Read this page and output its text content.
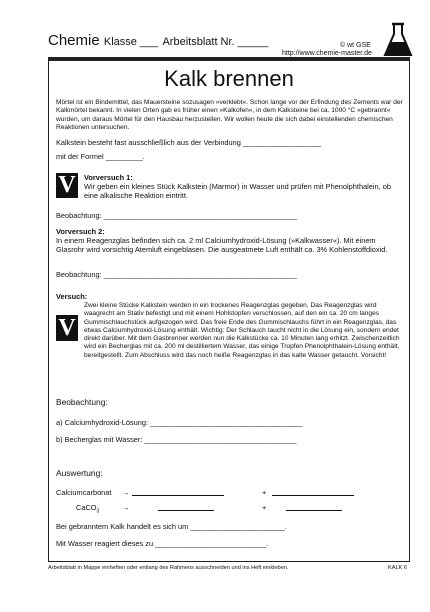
Chemie Klasse ___ Arbeitsblatt Nr. _____	© wt GSE
http://www.chemie-master.de
Kalk brennen
Mörtel ist ein Bindemittel, das Mauersteine sozusagen »verklebt«. Schon lange vor der Erfindung des Zements war der Kalkmörtel bekannt. In vielen Orten gab es früher einen »Kalkofen«, in dem Kalksteine bei ca. 1000 °C »gebrannt« wurden, um daraus Mörtel für den Hausbau herzustellen. Wir wollen heute die sich dabei einstellenden chemischen Reaktionen untersuchen.
Kalkstein besteht fast ausschließlich aus der Verbindung ___________________
mit der Formel _________.
V	Vorversuch 1:
Wir geben ein kleines Stück Kalkstein (Marmor) in Wasser und prüfen mit Phenolphthalein, ob eine alkalische Reaktion eintritt.
Beobachtung: _______________________________________________
Vorversuch 2:
In einem Reagenzglas befinden sich ca. 2 ml Calciumhydroxid-Lösung (»Kalkwasser«). Mit einem Glasrohr wird vorsichtig Atemluft eingeblasen. Die ausgeatmete Luft enthält ca. 3% Kohlenstoffdioxid.
Beobachtung: _______________________________________________
Versuch:
V
Zwei kleine Stücke Kalkstein werden in ein trockenes Reagenzglas gegeben. Das Reagenzglas wird waagrecht am Stativ befestigt und mit einem Hohlstopfen verschlossen, auf den ein ca. 20 cm langes Gummischlauchstück aufgezogen wird. Das freie Ende des Gummischlauchs führt in ein Reagenzglas, das etwas Calciumhydroxid-Lösung enthält. Wichtig: Der Schlauch taucht nicht in die Lösung ein, sondern endet direkt darüber. Mit dem Gasbrenner werden nun die Kalkstücke ca. 10 Minuten lang erhitzt. Zwischenzeitlich wird ein Becherglas mit ca. 200 ml destilliertem Wasser, das einige Tropfen Phenolphthalein-Lösung enthält, bereitgestellt. Zum Abschluss wird das noch heiße Reagenzglas in das kalte Wasser getaucht. Vorsicht!
Beobachtung:
a) Calciumhydroxid-Lösung: _____________________________________
b) Becherglas mit Wasser: _____________________________________
Auswertung:
Calciumcarbonat →	+
CaCO$_3$	→	+
Bei gebranntem Kalk handelt es sich um _______________________.
Mit Wasser reagiert dieses zu ___________________________.
Arbeitsblatt in Mappe einheften oder entlang des Rahmens ausschneiden und ins Heft einkleben.	KALK 6
